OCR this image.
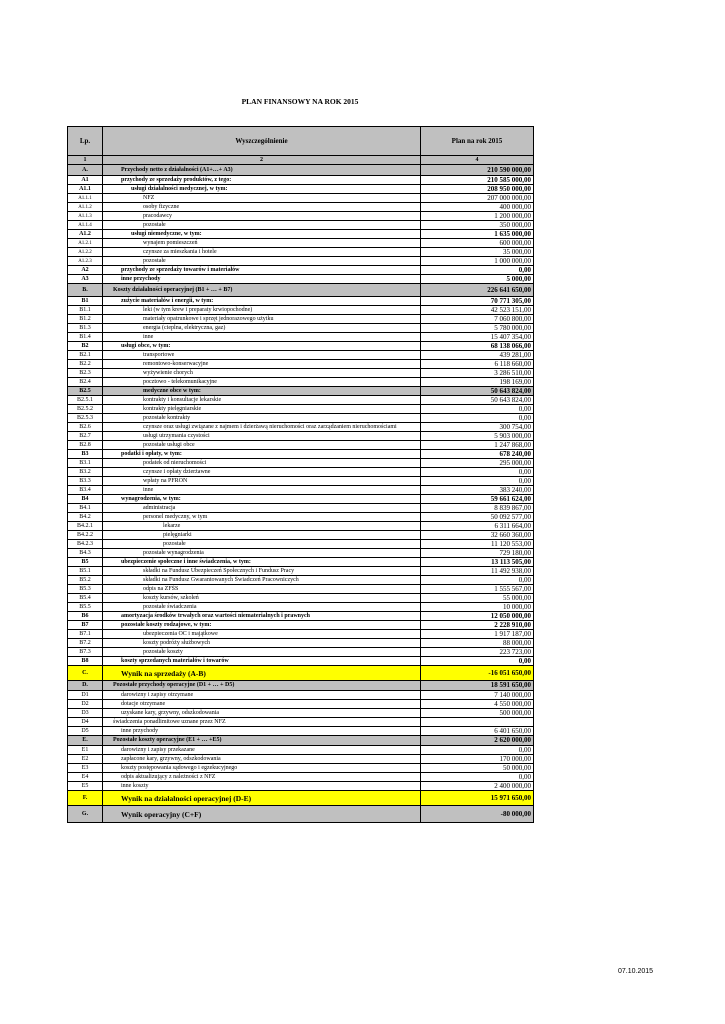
PLAN FINANSOWY NA ROK 2015
Lp.	Wyszczególnienie	Plan na rok 2015
1	2	4
A.	Przychody netto z działalności (A1+…+ A3)	210 590 000,00
A1	przychody ze sprzedaży produktów, z tego:	210 585 000,00
A1.1	usługi działalności medycznej, w tym:	208 950 000,00
A1.1.1	NFZ	207 000 000,00
A1.1.2	osoby fizyczne	400 000,00
A1.1.3	pracodawcy	1 200 000,00
A1.1.4	pozostałe	350 000,00
A1.2	usługi niemedyczne, w tym:	1 635 000,00
A1.2.1	wynajem pomieszczeń	600 000,00
A1.2.2	czynsze za mieszkania i hotele	35 000,00
A1.2.3	pozostałe	1 000 000,00
A2	przychody ze sprzedaży towarów i materiałów	0,00
A3	inne przychody	5 000,00
B.	Koszty działalności operacyjnej (B1 + … + B7)	226 641 650,00
B1	zużycie materiałów i energii, w tym:	70 771 305,00
B1.1	leki (w tym krew i preparaty krwiopochodne)	42 523 151,00
B1.2	materiały opatrunkowe i sprzęt jednorazowego użytku	7 060 800,00
B1.3	energia (cieplna, elektryczna, gaz)	5 780 000,00
B1.4	inne	15 407 354,00
B2	usługi obce, w tym:	68 138 066,00
B2.1	transportowe	439 281,00
B2.2	remontowo-konserwacyjne	6 118 660,00
B2.3	wyżywienie chorych	3 286 510,00
B2.4	pocztowo - telekomunikacyjne	198 169,00
B2.5	medyczne obce w tym:	50 643 824,00
B2.5.1	kontrakty i konsultacje lekarskie	50 643 824,00
B2.5.2	kontrakty pielęgniarskie	0,00
B2.5.3	pozostałe kontrakty	0,00
B2.6	czynsze oraz usługi związane z najmem i dzierżawą nieruchomości oraz zarządzaniem nieruchomościami	300 754,00
B2.7	usługi utrzymania czystości	5 903 000,00
B2.8	pozostałe usługi obce	1 247 868,00
B3	podatki i opłaty, w tym:	678 240,00
B3.1	podatek od nieruchomości	295 000,00
B3.2	czynsze i opłaty dzierżawne	0,00
B3.3	wpłaty na PFRON	0,00
B3.4	inne	383 240,00
B4	wynagrodzenia, w tym:	59 661 624,00
B4.1	administracja	8 839 867,00
B4.2	personel medyczny, w tym	50 092 577,00
B4.2.1	lekarze	6 311 664,00
B4.2.2	pielęgniarki	32 660 360,00
B4.2.3	pozostałe	11 120 553,00
B4.3	pozostałe wynagrodzenia	729 180,00
B5	ubezpieczenie społeczne i inne świadczenia, w tym:	13 113 505,00
B5.1	składki na Fundusz Ubezpieczeń Społecznych i Fundusz Pracy	11 492 938,00
B5.2	składki na Fundusz Gwarantowanych Świadczeń Pracowniczych	0,00
B5.3	odpis na ZFŚS	1 555 567,00
B5.4	koszty kursów, szkoleń	55 000,00
B5.5	pozostałe świadczenia	10 000,00
B6	amortyzacja środków trwałych oraz wartości niematerialnych i prawnych	12 050 000,00
B7	pozostałe koszty rodzajowe, w tym:	2 228 910,00
B7.1	ubezpieczenia OC i majątkowe	1 917 187,00
B7.2	koszty podróży służbowych	88 000,00
B7.3	pozostałe koszty	223 723,00
B8	koszty sprzedanych materiałów i towarów	0,00
C.	Wynik na sprzedaży (A-B)	-16 051 650,00
D.	Pozostałe przychody operacyjne (D1 + … + D5)	18 591 650,00
D1	darowizny i zapisy otrzymane	7 140 000,00
D2	dotacje otrzymane	4 550 000,00
D3	uzyskane kary, grzywny, odszkodowania	500 000,00
D4	świadczenia ponadlimitowe uznane przez NFZ	
D5	inne przychody	6 401 650,00
E.	Pozostałe koszty operacyjne (E1 + … +E5)	2 620 000,00
E1	darowizny i zapisy przekazane	0,00
E2	zapłacone kary, grzywny, odszkodowania	170 000,00
E3	koszty postępowania sądowego i egzekucyjnego	50 000,00
E4	odpis aktualizujący z należności z NFZ	0,00
E5	inne koszty	2 400 000,00
F.	Wynik na działalności operacyjnej (D-E)	15 971 650,00
G.	Wynik operacyjny (C+F)	-80 000,00
07.10.2015
